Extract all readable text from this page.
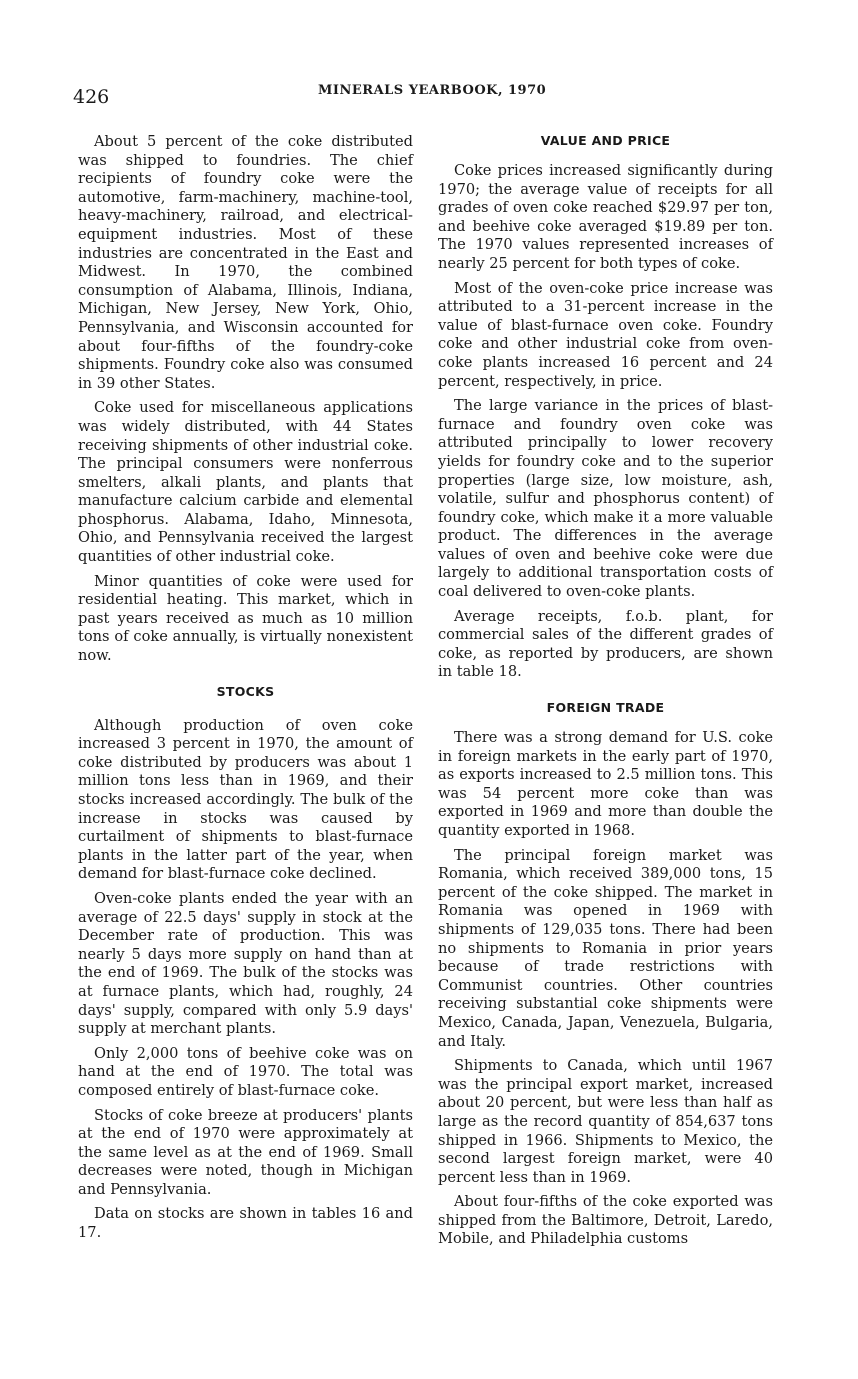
426	MINERALS YEARBOOK, 1970

About 5 percent of the coke distributed was shipped to foundries. The chief recipients of foundry coke were the automotive, farm-machinery, machine-tool, heavy-machinery, railroad, and electrical-equipment industries. Most of these industries are concentrated in the East and Midwest. In 1970, the combined consumption of Alabama, Illinois, Indiana, Michigan, New Jersey, New York, Ohio, Pennsylvania, and Wisconsin accounted for about four-fifths of the foundry-coke shipments. Foundry coke also was consumed in 39 other States.

Coke used for miscellaneous applications was widely distributed, with 44 States receiving shipments of other industrial coke. The principal consumers were nonferrous smelters, alkali plants, and plants that manufacture calcium carbide and elemental phosphorus. Alabama, Idaho, Minnesota, Ohio, and Pennsylvania received the largest quantities of other industrial coke.

Minor quantities of coke were used for residential heating. This market, which in past years received as much as 10 million tons of coke annually, is virtually nonexistent now.

STOCKS

Although production of oven coke increased 3 percent in 1970, the amount of coke distributed by producers was about 1 million tons less than in 1969, and their stocks increased accordingly. The bulk of the increase in stocks was caused by curtailment of shipments to blast-furnace plants in the latter part of the year, when demand for blast-furnace coke declined.

Oven-coke plants ended the year with an average of 22.5 days' supply in stock at the December rate of production. This was nearly 5 days more supply on hand than at the end of 1969. The bulk of the stocks was at furnace plants, which had, roughly, 24 days' supply, compared with only 5.9 days' supply at merchant plants.

Only 2,000 tons of beehive coke was on hand at the end of 1970. The total was composed entirely of blast-furnace coke.

Stocks of coke breeze at producers' plants at the end of 1970 were approximately at the same level as at the end of 1969. Small decreases were noted, though in Michigan and Pennsylvania.

Data on stocks are shown in tables 16 and 17.

VALUE AND PRICE

Coke prices increased significantly during 1970; the average value of receipts for all grades of oven coke reached $29.97 per ton, and beehive coke averaged $19.89 per ton. The 1970 values represented increases of nearly 25 percent for both types of coke.

Most of the oven-coke price increase was attributed to a 31-percent increase in the value of blast-furnace oven coke. Foundry coke and other industrial coke from oven-coke plants increased 16 percent and 24 percent, respectively, in price.

The large variance in the prices of blast-furnace and foundry oven coke was attributed principally to lower recovery yields for foundry coke and to the superior properties (large size, low moisture, ash, volatile, sulfur and phosphorus content) of foundry coke, which make it a more valuable product. The differences in the average values of oven and beehive coke were due largely to additional transportation costs of coal delivered to oven-coke plants.

Average receipts, f.o.b. plant, for commercial sales of the different grades of coke, as reported by producers, are shown in table 18.

FOREIGN TRADE

There was a strong demand for U.S. coke in foreign markets in the early part of 1970, as exports increased to 2.5 million tons. This was 54 percent more coke than was exported in 1969 and more than double the quantity exported in 1968.

The principal foreign market was Romania, which received 389,000 tons, 15 percent of the coke shipped. The market in Romania was opened in 1969 with shipments of 129,035 tons. There had been no shipments to Romania in prior years because of trade restrictions with Communist countries. Other countries receiving substantial coke shipments were Mexico, Canada, Japan, Venezuela, Bulgaria, and Italy.

Shipments to Canada, which until 1967 was the principal export market, increased about 20 percent, but were less than half as large as the record quantity of 854,637 tons shipped in 1966. Shipments to Mexico, the second largest foreign market, were 40 percent less than in 1969.

About four-fifths of the coke exported was shipped from the Baltimore, Detroit, Laredo, Mobile, and Philadelphia customs
